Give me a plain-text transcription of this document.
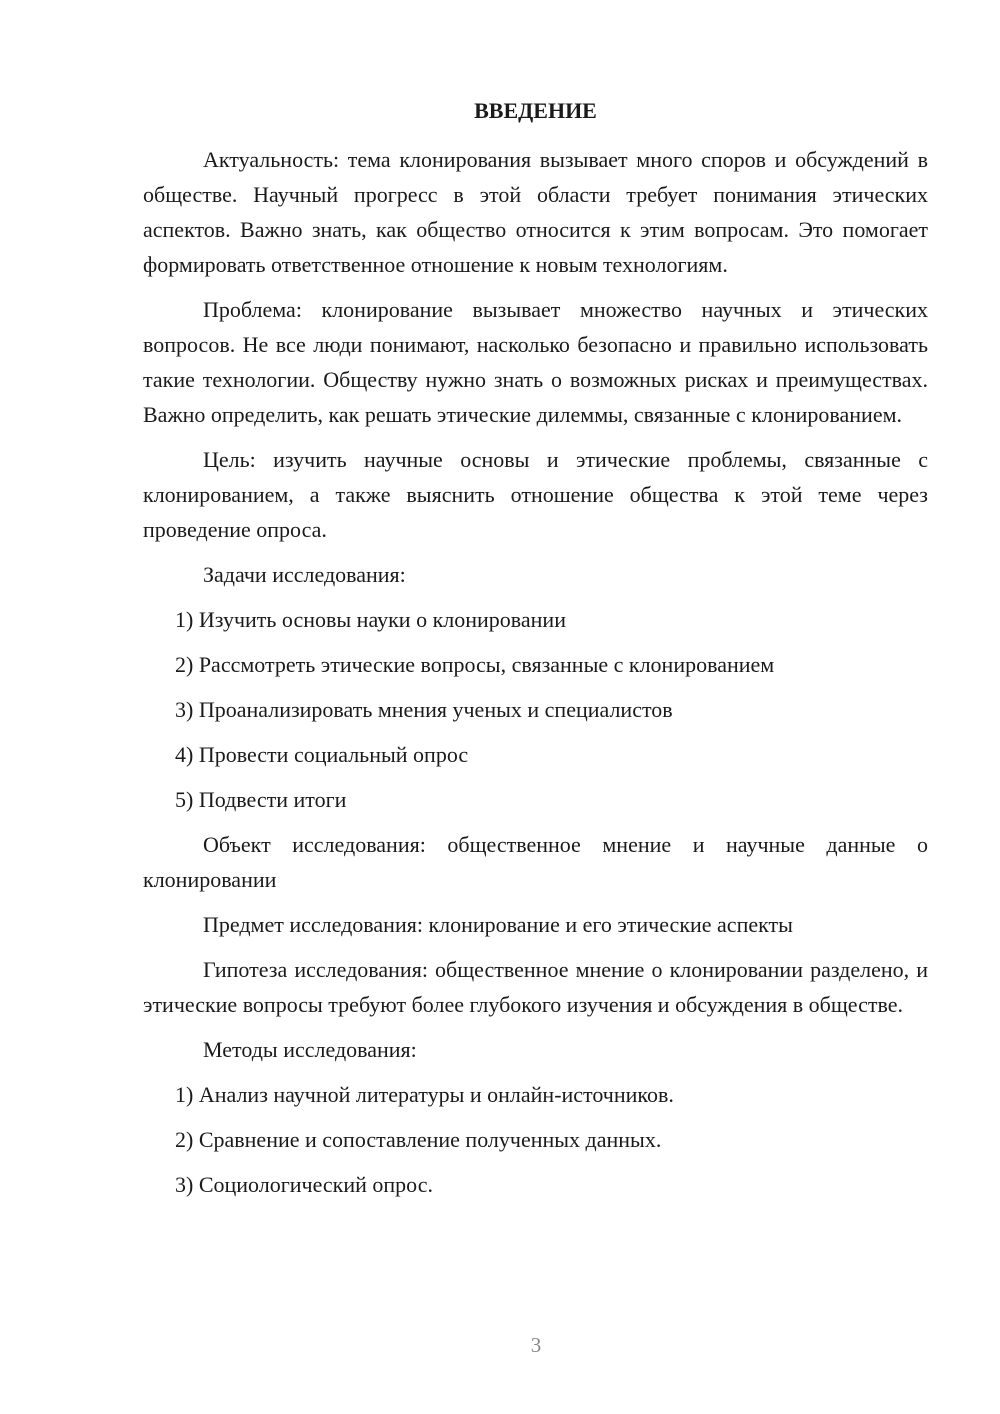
ВВЕДЕНИЕ

Актуальность: тема клонирования вызывает много споров и обсуждений в обществе. Научный прогресс в этой области требует понимания этических аспектов. Важно знать, как общество относится к этим вопросам. Это помогает формировать ответственное отношение к новым технологиям.

Проблема: клонирование вызывает множество научных и этических вопросов. Не все люди понимают, насколько безопасно и правильно использовать такие технологии. Обществу нужно знать о возможных рисках и преимуществах. Важно определить, как решать этические дилеммы, связанные с клонированием.

Цель: изучить научные основы и этические проблемы, связанные с клонированием, а также выяснить отношение общества к этой теме через проведение опроса.

Задачи исследования:

1) Изучить основы науки о клонировании

2) Рассмотреть этические вопросы, связанные с клонированием

3) Проанализировать мнения ученых и специалистов

4) Провести социальный опрос

5) Подвести итоги

Объект исследования: общественное мнение и научные данные о клонировании

Предмет исследования: клонирование и его этические аспекты

Гипотеза исследования: общественное мнение о клонировании разделено, и этические вопросы требуют более глубокого изучения и обсуждения в обществе.

Методы исследования:

1) Анализ научной литературы и онлайн-источников.

2) Сравнение и сопоставление полученных данных.

3) Социологический опрос.

3
